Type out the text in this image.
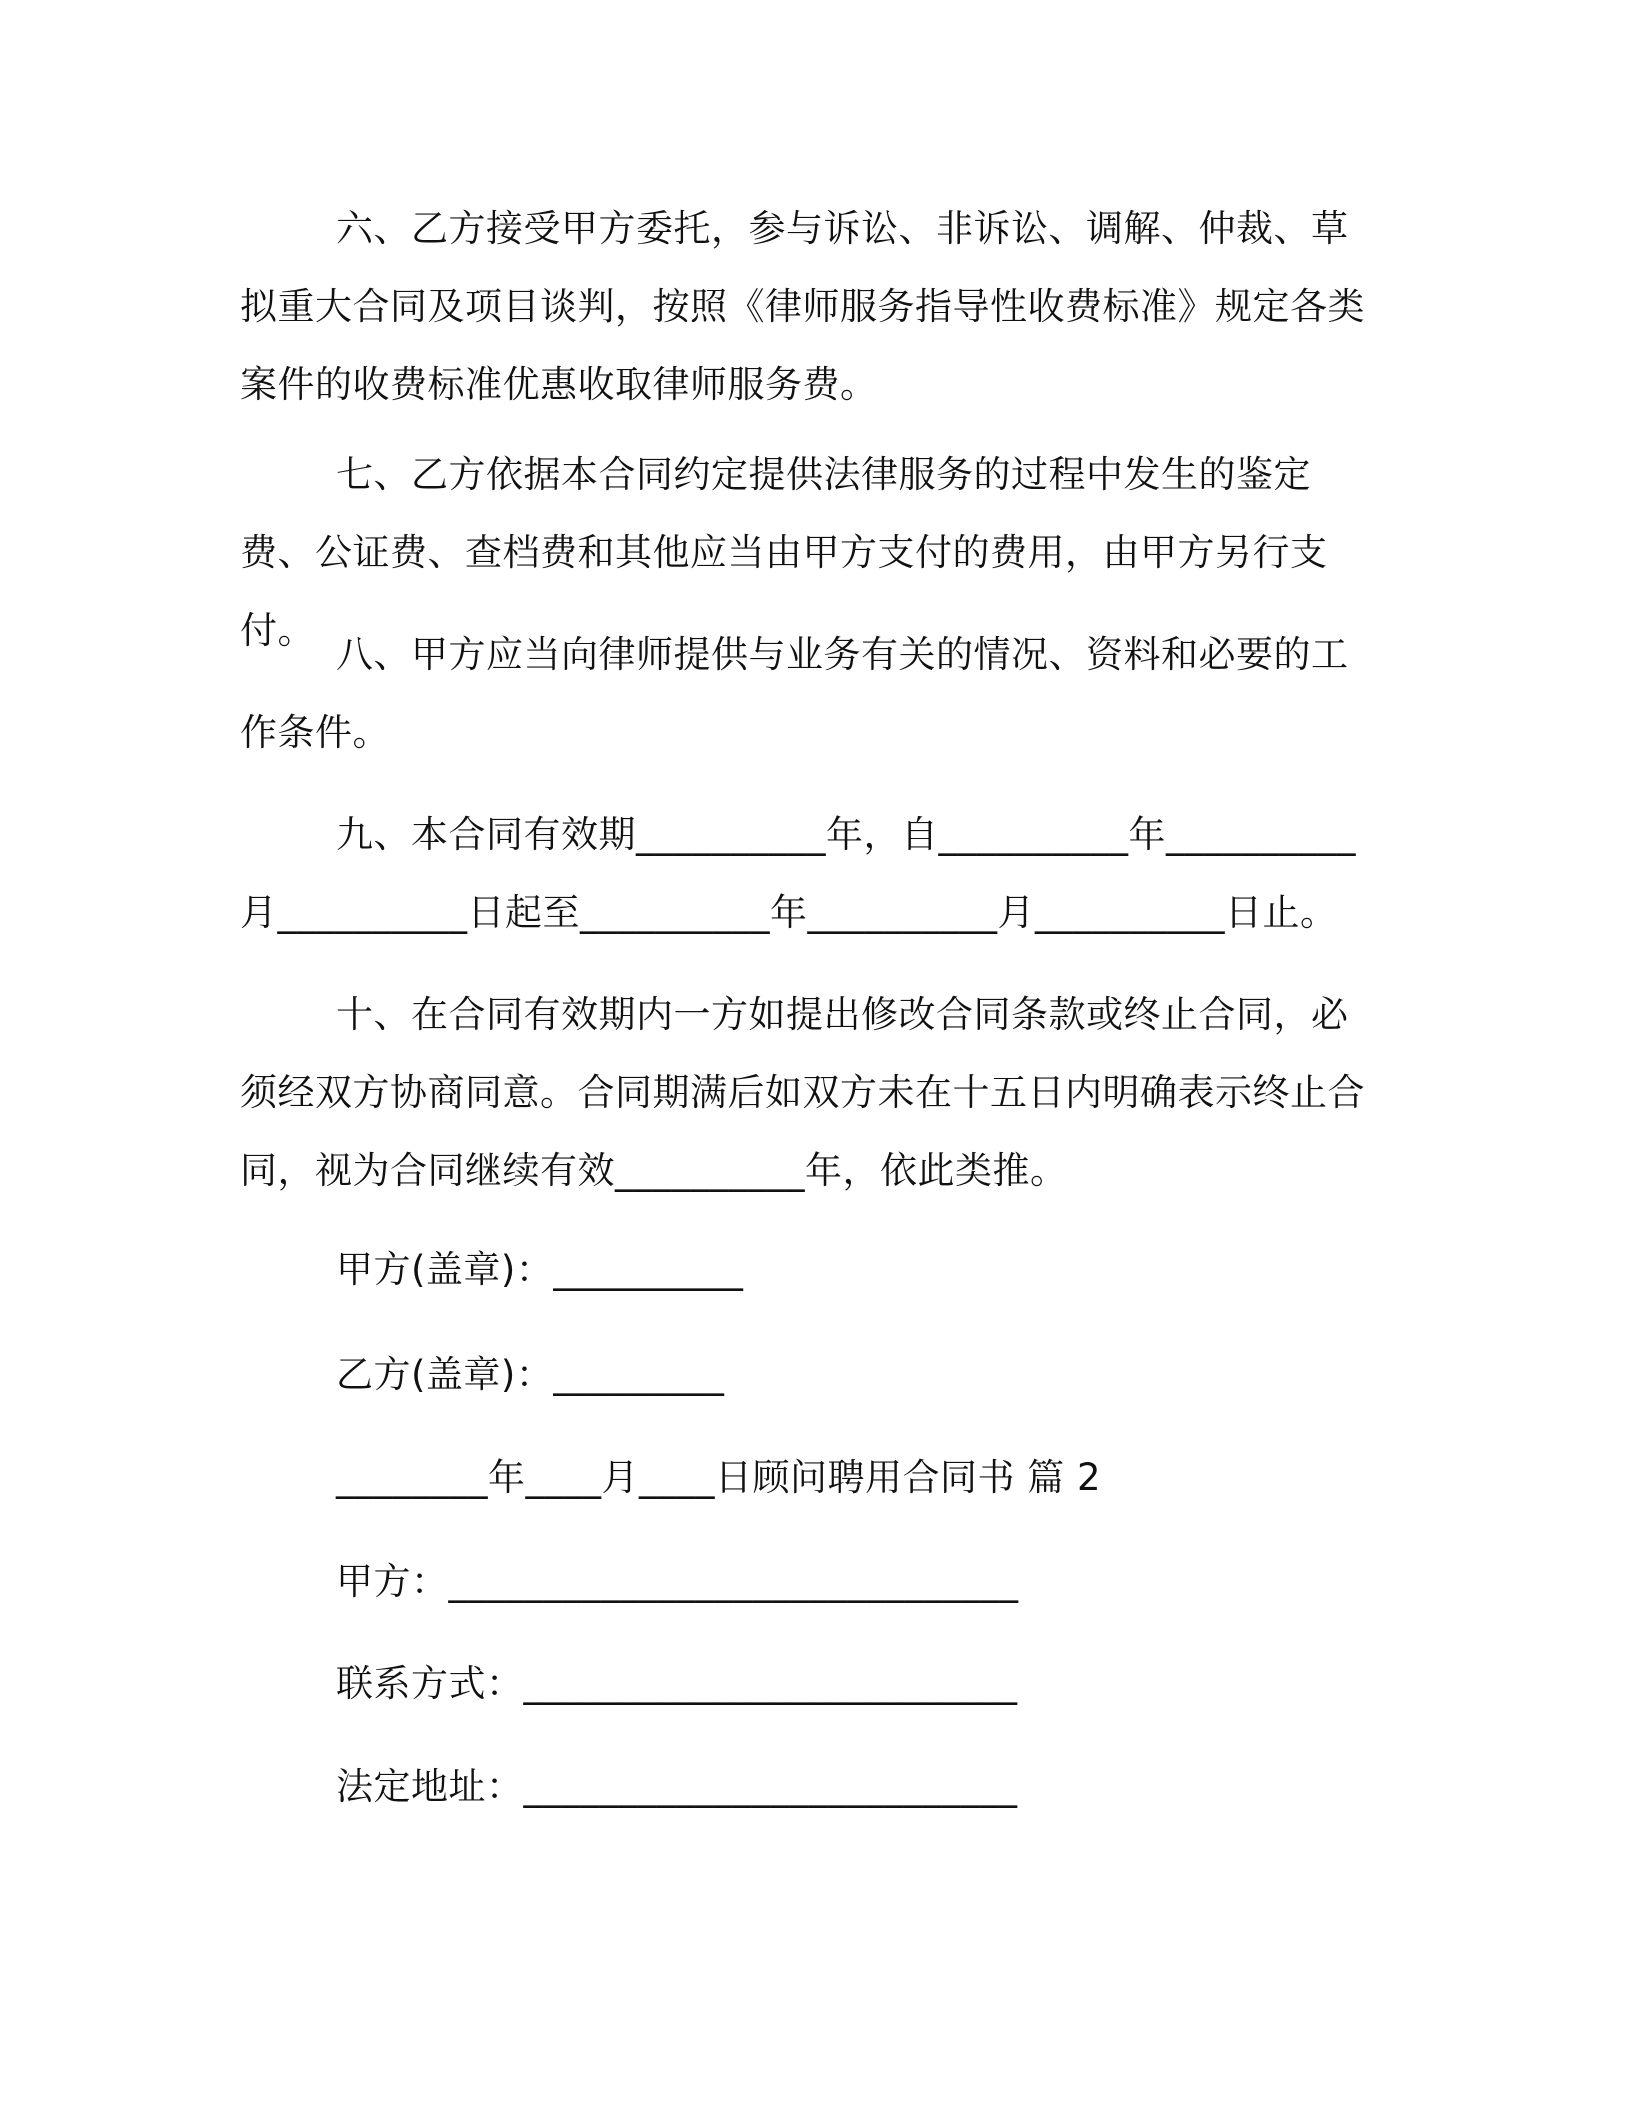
六、乙方接受甲方委托，参与诉讼、非诉讼、调解、仲裁、草拟重大合同及项目谈判，按照《律师服务指导性收费标准》规定各类案件的收费标准优惠收取律师服务费。

七、乙方依据本合同约定提供法律服务的过程中发生的鉴定费、公证费、查档费和其他应当由甲方支付的费用，由甲方另行支付。

八、甲方应当向律师提供与业务有关的情况、资料和必要的工作条件。

九、本合同有效期__________年，自__________年__________月__________日起至__________年__________月__________日止。

十、在合同有效期内一方如提出修改合同条款或终止合同，必须经双方协商同意。合同期满后如双方未在十五日内明确表示终止合同，视为合同继续有效__________年，依此类推。

甲方(盖章)：__________
乙方(盖章)：_________
________年____月____日顾问聘用合同书 篇 2
甲方：______________________________
联系方式：__________________________
法定地址：__________________________
